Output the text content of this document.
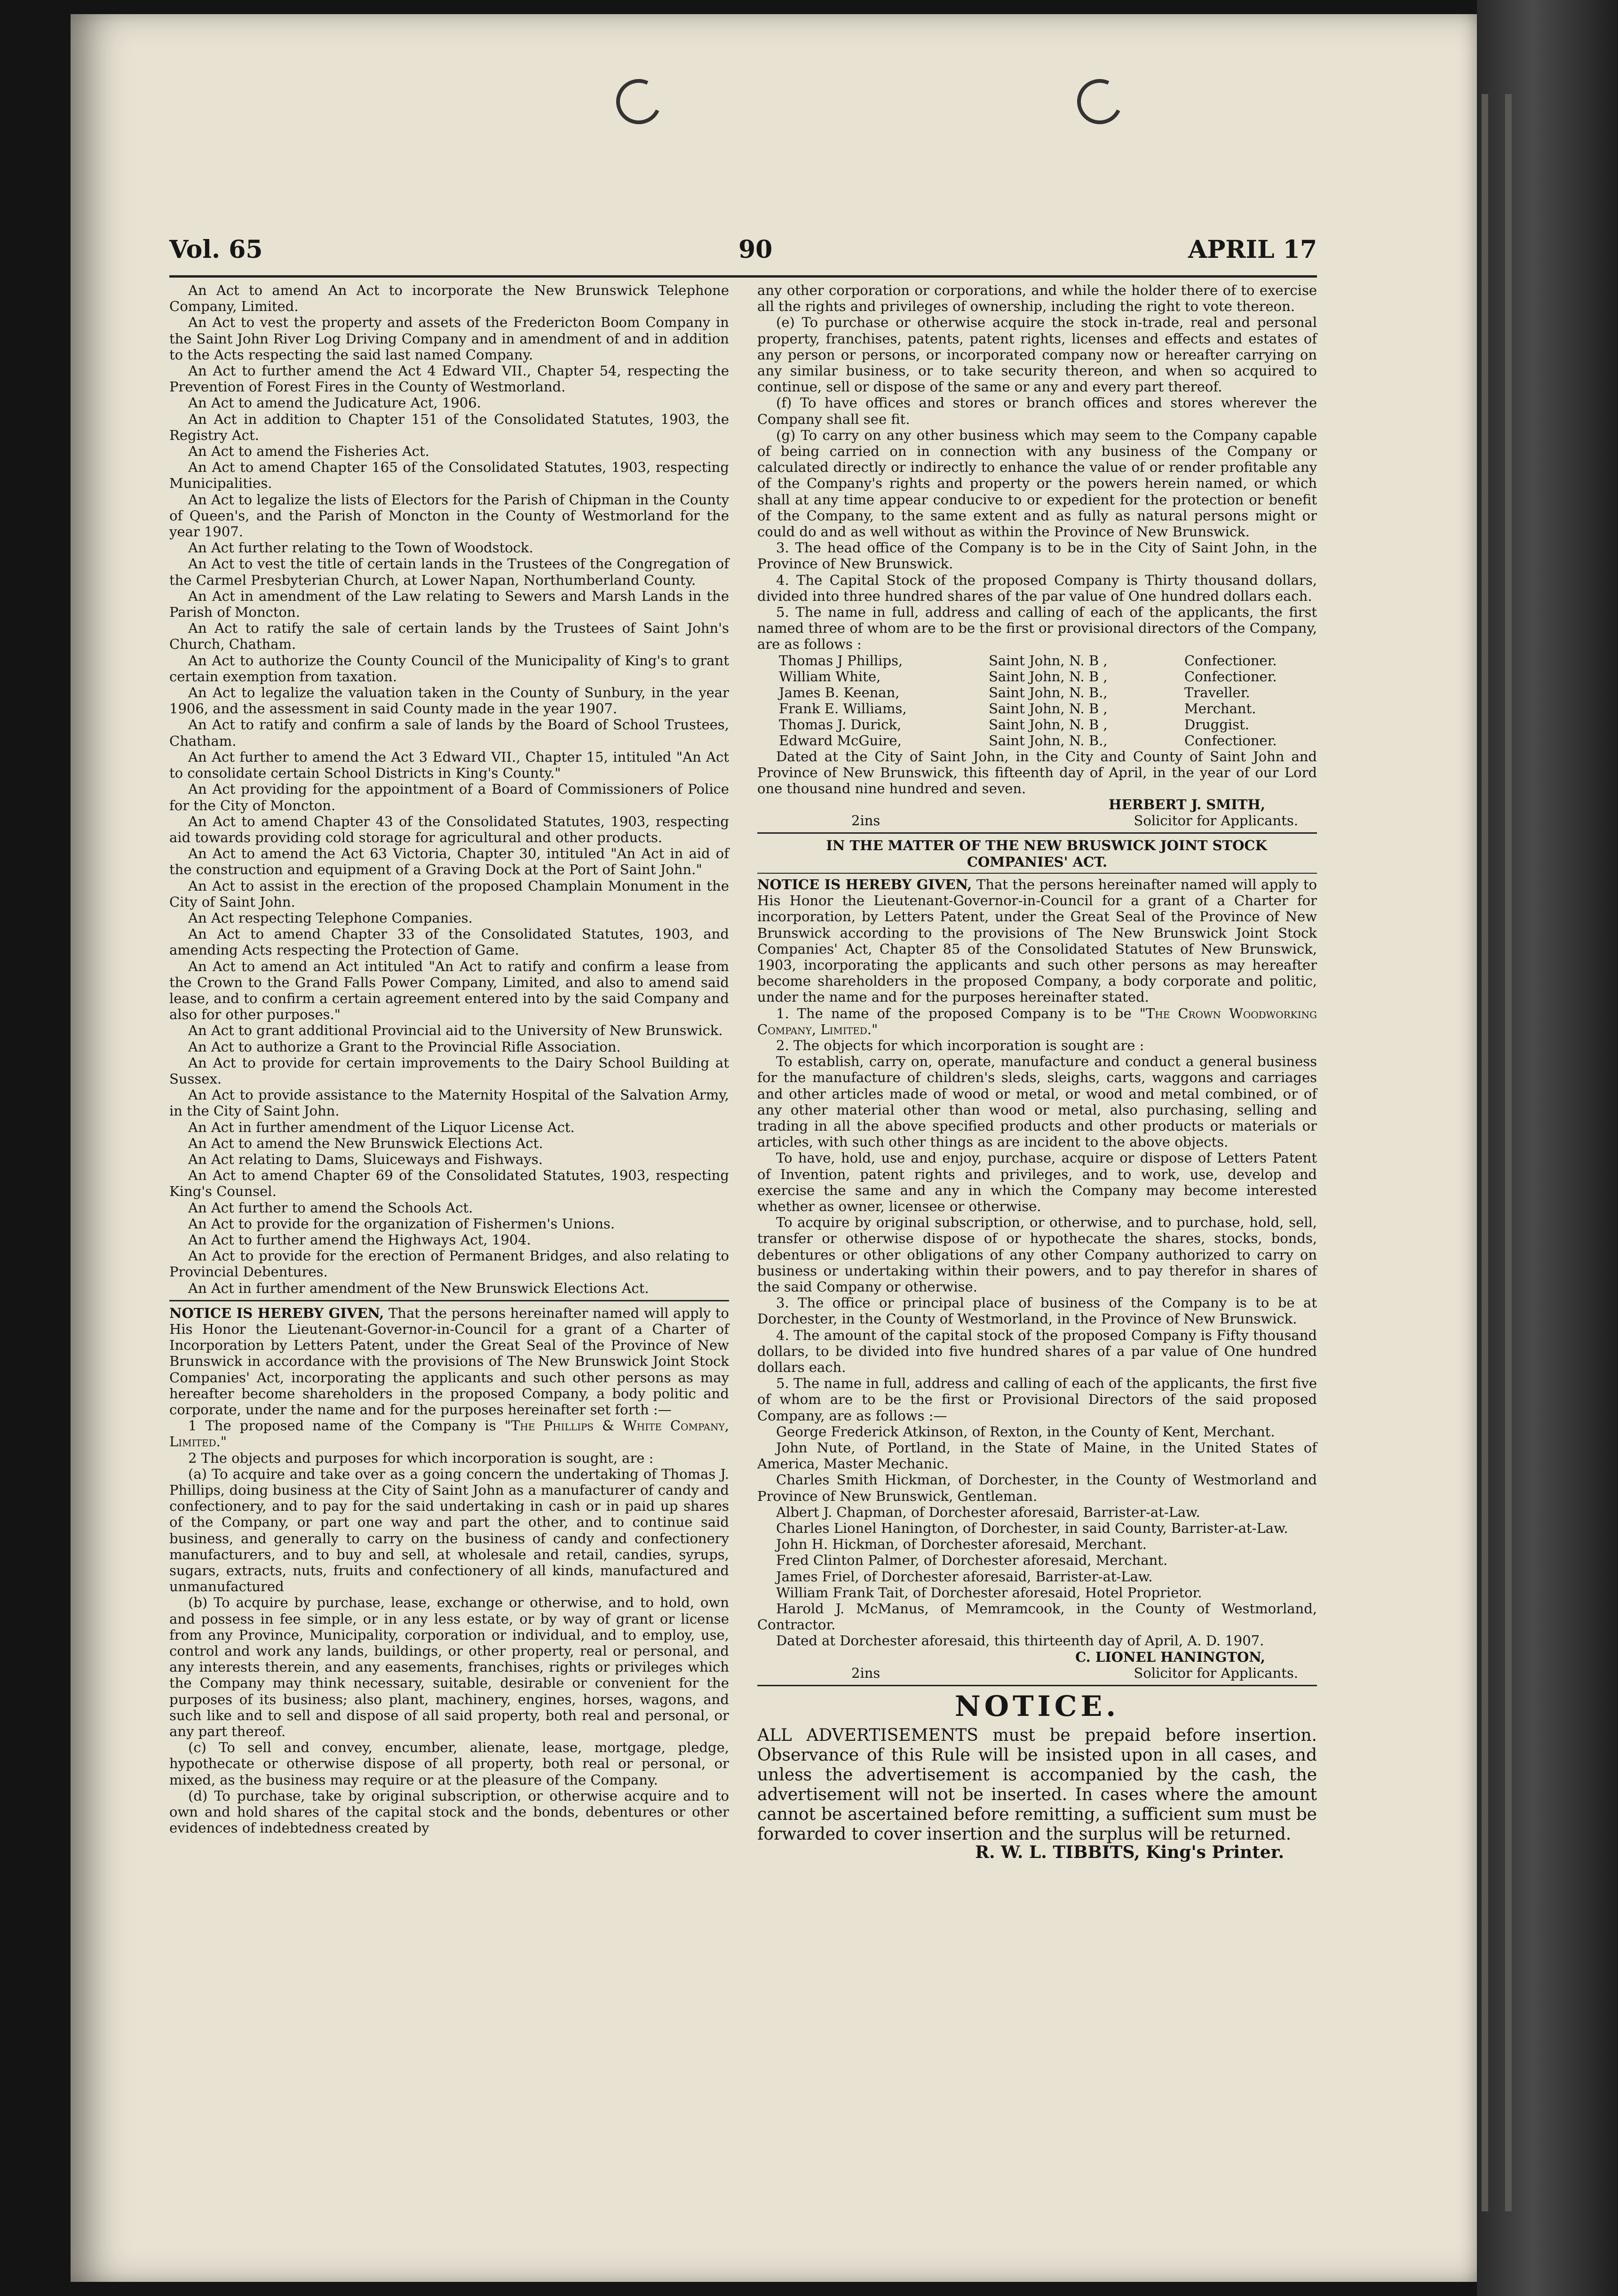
Vol. 65	90	APRIL 17

An Act to amend An Act to incorporate the New Brunswick Telephone Company, Limited.

An Act to vest the property and assets of the Fredericton Boom Company in the Saint John River Log Driving Company and in amendment of and in addition to the Acts respecting the said last named Company.

An Act to further amend the Act 4 Edward VII., Chapter 54, respecting the Prevention of Forest Fires in the County of Westmorland.

An Act to amend the Judicature Act, 1906.

An Act in addition to Chapter 151 of the Consolidated Statutes, 1903, the Registry Act.

An Act to amend the Fisheries Act.

An Act to amend Chapter 165 of the Consolidated Statutes, 1903, respecting Municipalities.

An Act to legalize the lists of Electors for the Parish of Chipman in the County of Queen's, and the Parish of Moncton in the County of Westmorland for the year 1907.

An Act further relating to the Town of Woodstock.

An Act to vest the title of certain lands in the Trustees of the Congregation of the Carmel Presbyterian Church, at Lower Napan, Northumberland County.

An Act in amendment of the Law relating to Sewers and Marsh Lands in the Parish of Moncton.

An Act to ratify the sale of certain lands by the Trustees of Saint John's Church, Chatham.

An Act to authorize the County Council of the Municipality of King's to grant certain exemption from taxation.

An Act to legalize the valuation taken in the County of Sunbury, in the year 1906, and the assessment in said County made in the year 1907.

An Act to ratify and confirm a sale of lands by the Board of School Trustees, Chatham.

An Act further to amend the Act 3 Edward VII., Chapter 15, intituled "An Act to consolidate certain School Districts in King's County."

An Act providing for the appointment of a Board of Commissioners of Police for the City of Moncton.

An Act to amend Chapter 43 of the Consolidated Statutes, 1903, respecting aid towards providing cold storage for agricultural and other products.

An Act to amend the Act 63 Victoria, Chapter 30, intituled "An Act in aid of the construction and equipment of a Graving Dock at the Port of Saint John."

An Act to assist in the erection of the proposed Champlain Monument in the City of Saint John.

An Act respecting Telephone Companies.

An Act to amend Chapter 33 of the Consolidated Statutes, 1903, and amending Acts respecting the Protection of Game.

An Act to amend an Act intituled "An Act to ratify and confirm a lease from the Crown to the Grand Falls Power Company, Limited, and also to amend said lease, and to confirm a certain agreement entered into by the said Company and also for other purposes."

An Act to grant additional Provincial aid to the University of New Brunswick.

An Act to authorize a Grant to the Provincial Rifle Association.

An Act to provide for certain improvements to the Dairy School Building at Sussex.

An Act to provide assistance to the Maternity Hospital of the Salvation Army, in the City of Saint John.

An Act in further amendment of the Liquor License Act.

An Act to amend the New Brunswick Elections Act.

An Act relating to Dams, Sluiceways and Fishways.

An Act to amend Chapter 69 of the Consolidated Statutes, 1903, respecting King's Counsel.

An Act further to amend the Schools Act.

An Act to provide for the organization of Fishermen's Unions.

An Act to further amend the Highways Act, 1904.

An Act to provide for the erection of Permanent Bridges, and also relating to Provincial Debentures.

An Act in further amendment of the New Brunswick Elections Act.

NOTICE IS HEREBY GIVEN, That the persons hereinafter named will apply to His Honor the Lieutenant-Governor-in-Council for a grant of a Charter of Incorporation by Letters Patent, under the Great Seal of the Province of New Brunswick in accordance with the provisions of The New Brunswick Joint Stock Companies' Act, incorporating the applicants and such other persons as may hereafter become shareholders in the proposed Company, a body politic and corporate, under the name and for the purposes hereinafter set forth :—

1 The proposed name of the Company is "The Phillips & White Company, Limited."

2 The objects and purposes for which incorporation is sought, are :

(a) To acquire and take over as a going concern the undertaking of Thomas J. Phillips, doing business at the City of Saint John as a manufacturer of candy and confectionery, and to pay for the said undertaking in cash or in paid up shares of the Company, or part one way and part the other, and to continue said business, and generally to carry on the business of candy and confectionery manufacturers, and to buy and sell, at wholesale and retail, candies, syrups, sugars, extracts, nuts, fruits and confectionery of all kinds, manufactured and unmanufactured

(b) To acquire by purchase, lease, exchange or otherwise, and to hold, own and possess in fee simple, or in any less estate, or by way of grant or license from any Province, Municipality, corporation or individual, and to employ, use, control and work any lands, buildings, or other property, real or personal, and any interests therein, and any easements, franchises, rights or privileges which the Company may think necessary, suitable, desirable or convenient for the purposes of its business; also plant, machinery, engines, horses, wagons, and such like and to sell and dispose of all said property, both real and personal, or any part thereof.

(c) To sell and convey, encumber, alienate, lease, mortgage, pledge, hypothecate or otherwise dispose of all property, both real or personal, or mixed, as the business may require or at the pleasure of the Company.

(d) To purchase, take by original subscription, or otherwise acquire and to own and hold shares of the capital stock and the bonds, debentures or other evidences of indebtedness created by

any other corporation or corporations, and while the holder there of to exercise all the rights and privileges of ownership, including the right to vote thereon.

(e) To purchase or otherwise acquire the stock in-trade, real and personal property, franchises, patents, patent rights, licenses and effects and estates of any person or persons, or incorporated company now or hereafter carrying on any similar business, or to take security thereon, and when so acquired to continue, sell or dispose of the same or any and every part thereof.

(f) To have offices and stores or branch offices and stores wherever the Company shall see fit.

(g) To carry on any other business which may seem to the Company capable of being carried on in connection with any business of the Company or calculated directly or indirectly to enhance the value of or render profitable any of the Company's rights and property or the powers herein named, or which shall at any time appear conducive to or expedient for the protection or benefit of the Company, to the same extent and as fully as natural persons might or could do and as well without as within the Province of New Brunswick.

3. The head office of the Company is to be in the City of Saint John, in the Province of New Brunswick.

4. The Capital Stock of the proposed Company is Thirty thousand dollars, divided into three hundred shares of the par value of One hundred dollars each.

5. The name in full, address and calling of each of the applicants, the first named three of whom are to be the first or provisional directors of the Company, are as follows :

Thomas J Phillips,	Saint John, N. B ,	Confectioner.
William White,	Saint John, N. B ,	Confectioner.
James B. Keenan,	Saint John, N. B.,	Traveller.
Frank E. Williams,	Saint John, N. B ,	Merchant.
Thomas J. Durick,	Saint John, N. B ,	Druggist.
Edward McGuire,	Saint John, N. B.,	Confectioner.

Dated at the City of Saint John, in the City and County of Saint John and Province of New Brunswick, this fifteenth day of April, in the year of our Lord one thousand nine hundred and seven.

HERBERT J. SMITH,
2ins	Solicitor for Applicants.

IN THE MATTER OF THE NEW BRUSWICK JOINT STOCK COMPANIES' ACT.

NOTICE IS HEREBY GIVEN, That the persons hereinafter named will apply to His Honor the Lieutenant-Governor-in-Council for a grant of a Charter for incorporation, by Letters Patent, under the Great Seal of the Province of New Brunswick according to the provisions of The New Brunswick Joint Stock Companies' Act, Chapter 85 of the Consolidated Statutes of New Brunswick, 1903, incorporating the applicants and such other persons as may hereafter become shareholders in the proposed Company, a body corporate and politic, under the name and for the purposes hereinafter stated.

1. The name of the proposed Company is to be "The Crown Woodworking Company, Limited."

2. The objects for which incorporation is sought are :

To establish, carry on, operate, manufacture and conduct a general business for the manufacture of children's sleds, sleighs, carts, waggons and carriages and other articles made of wood or metal, or wood and metal combined, or of any other material other than wood or metal, also purchasing, selling and trading in all the above specified products and other products or materials or articles, with such other things as are incident to the above objects.

To have, hold, use and enjoy, purchase, acquire or dispose of Letters Patent of Invention, patent rights and privileges, and to work, use, develop and exercise the same and any in which the Company may become interested whether as owner, licensee or otherwise.

To acquire by original subscription, or otherwise, and to purchase, hold, sell, transfer or otherwise dispose of or hypothecate the shares, stocks, bonds, debentures or other obligations of any other Company authorized to carry on business or undertaking within their powers, and to pay therefor in shares of the said Company or otherwise.

3. The office or principal place of business of the Company is to be at Dorchester, in the County of Westmorland, in the Province of New Brunswick.

4. The amount of the capital stock of the proposed Company is Fifty thousand dollars, to be divided into five hundred shares of a par value of One hundred dollars each.

5. The name in full, address and calling of each of the applicants, the first five of whom are to be the first or Provisional Directors of the said proposed Company, are as follows :—

George Frederick Atkinson, of Rexton, in the County of Kent, Merchant.

John Nute, of Portland, in the State of Maine, in the United States of America, Master Mechanic.

Charles Smith Hickman, of Dorchester, in the County of Westmorland and Province of New Brunswick, Gentleman.

Albert J. Chapman, of Dorchester aforesaid, Barrister-at-Law.

Charles Lionel Hanington, of Dorchester, in said County, Barrister-at-Law.

John H. Hickman, of Dorchester aforesaid, Merchant.

Fred Clinton Palmer, of Dorchester aforesaid, Merchant.

James Friel, of Dorchester aforesaid, Barrister-at-Law.

William Frank Tait, of Dorchester aforesaid, Hotel Proprietor.

Harold J. McManus, of Memramcook, in the County of Westmorland, Contractor.

Dated at Dorchester aforesaid, this thirteenth day of April, A. D. 1907.

C. LIONEL HANINGTON,
2ins	Solicitor for Applicants.
NOTICE.

ALL ADVERTISEMENTS must be prepaid before insertion. Observance of this Rule will be insisted upon in all cases, and unless the advertisement is accompanied by the cash, the advertisement will not be inserted. In cases where the amount cannot be ascertained before remitting, a sufficient sum must be forwarded to cover insertion and the surplus will be returned.

R. W. L. TIBBITS, King's Printer.
